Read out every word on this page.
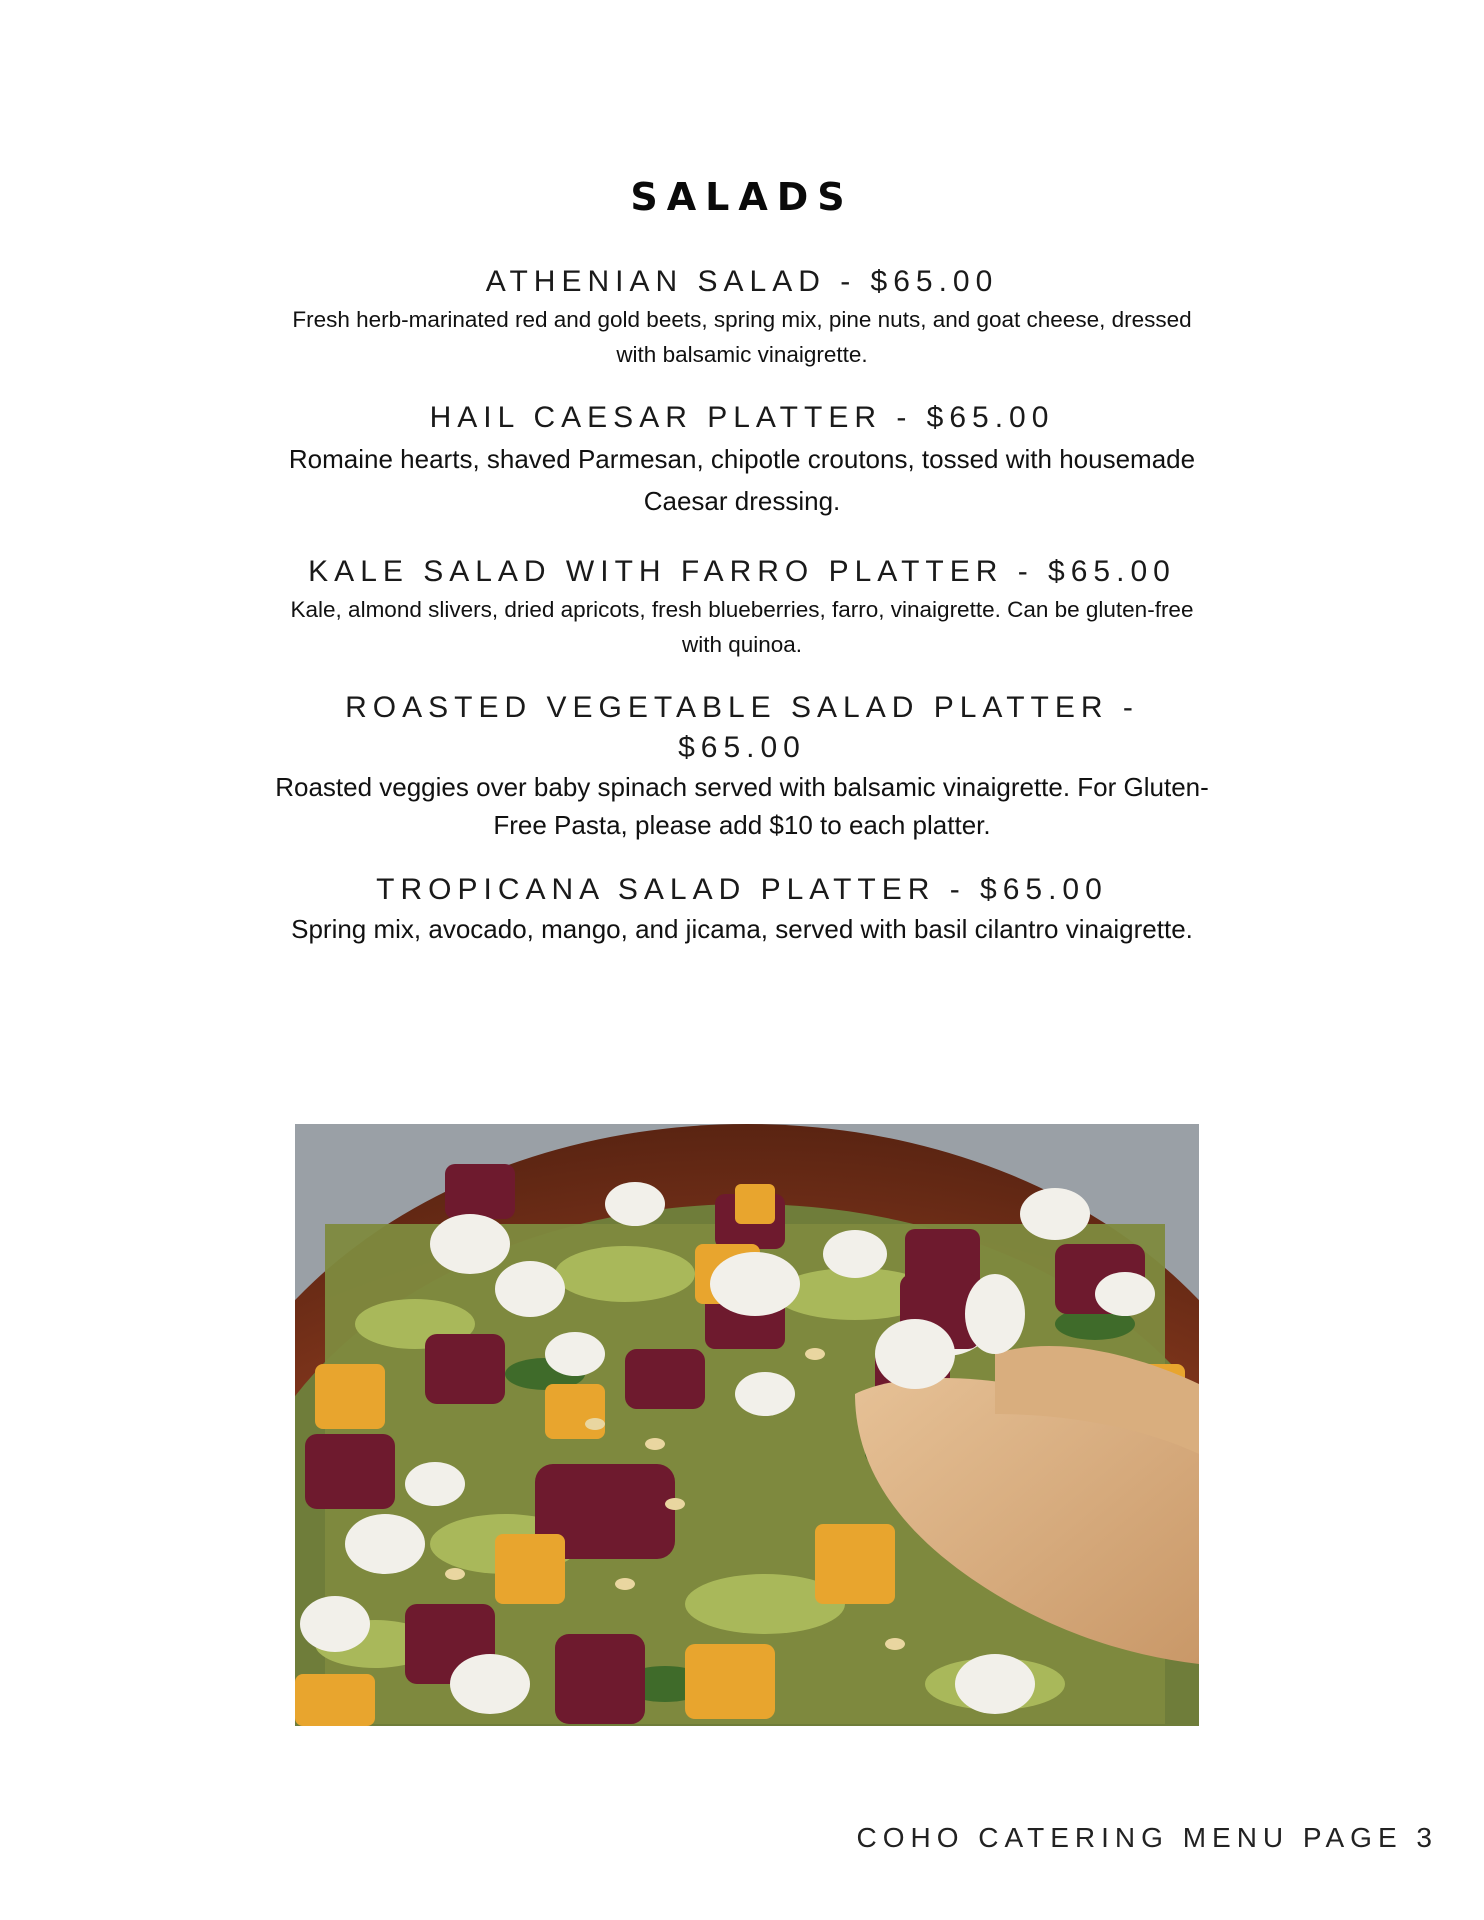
SALADS

ATHENIAN SALAD - $65.00

Fresh herb-marinated red and gold beets, spring mix, pine nuts, and goat cheese, dressed with balsamic vinaigrette.

HAIL CAESAR PLATTER - $65.00

Romaine hearts, shaved Parmesan, chipotle croutons, tossed with housemade Caesar dressing.

KALE SALAD WITH FARRO PLATTER - $65.00

Kale, almond slivers, dried apricots, fresh blueberries, farro, vinaigrette. Can be gluten-free with quinoa.

ROASTED VEGETABLE SALAD PLATTER - $65.00

Roasted veggies over baby spinach served with balsamic vinaigrette. For Gluten-Free Pasta, please add $10 to each platter.

TROPICANA SALAD PLATTER - $65.00

Spring mix, avocado, mango, and jicama, served with basil cilantro vinaigrette.

COHO CATERING MENU PAGE 3
